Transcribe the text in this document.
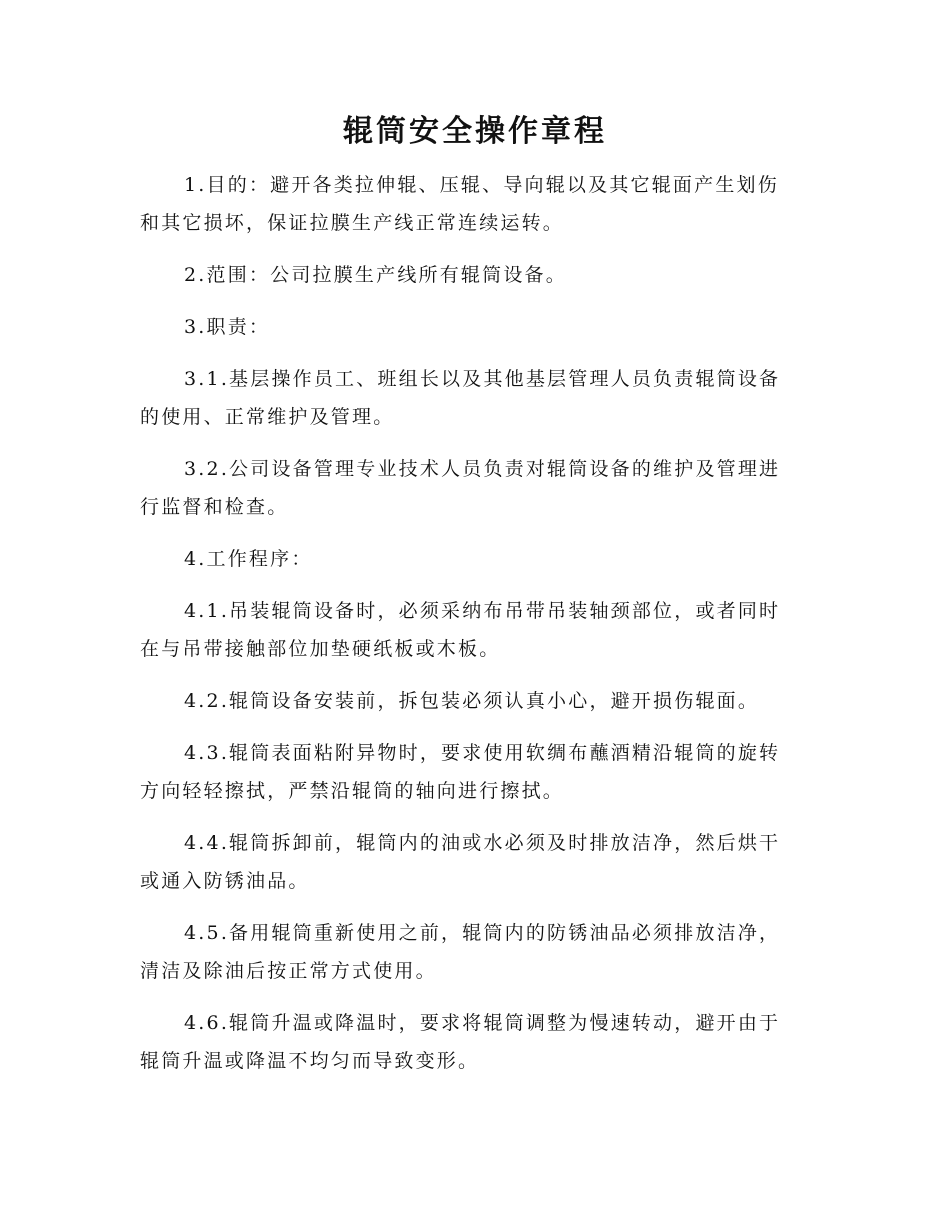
辊筒安全操作章程

1.目的：避开各类拉伸辊、压辊、导向辊以及其它辊面产生划伤和其它损坏，保证拉膜生产线正常连续运转。

2.范围：公司拉膜生产线所有辊筒设备。

3.职责：

3.1.基层操作员工、班组长以及其他基层管理人员负责辊筒设备的使用、正常维护及管理。

3.2.公司设备管理专业技术人员负责对辊筒设备的维护及管理进行监督和检查。

4.工作程序：

4.1.吊装辊筒设备时，必须采纳布吊带吊装轴颈部位，或者同时在与吊带接触部位加垫硬纸板或木板。

4.2.辊筒设备安装前，拆包装必须认真小心，避开损伤辊面。

4.3.辊筒表面粘附异物时，要求使用软绸布蘸酒精沿辊筒的旋转方向轻轻擦拭，严禁沿辊筒的轴向进行擦拭。

4.4.辊筒拆卸前，辊筒内的油或水必须及时排放洁净，然后烘干或通入防锈油品。

4.5.备用辊筒重新使用之前，辊筒内的防锈油品必须排放洁净，清洁及除油后按正常方式使用。

4.6.辊筒升温或降温时，要求将辊筒调整为慢速转动，避开由于辊筒升温或降温不均匀而导致变形。
